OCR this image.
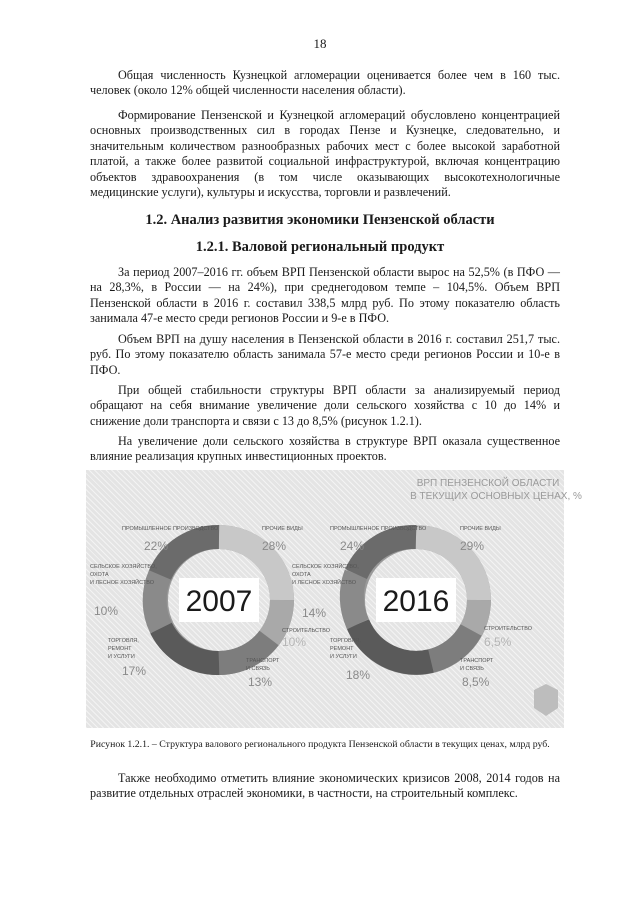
18

Общая численность Кузнецкой агломерации оценивается более чем в 160 тыс. человек (около 12% общей численности населения области).

Формирование Пензенской и Кузнецкой агломераций обусловлено концентрацией основных производственных сил в городах Пензе и Кузнецке, следовательно, и значительным количеством разнообразных рабочих мест с более высокой заработной платой, а также более развитой социальной инфраструктурой, включая концентрацию объектов здравоохранения (в том числе оказывающих высокотехнологичные медицинские услуги), культуры и искусства, торговли и развлечений.

1.2. Анализ развития экономики Пензенской области
1.2.1. Валовой региональный продукт

За период 2007–2016 гг. объем ВРП Пензенской области вырос на 52,5% (в ПФО — на 28,3%, в России — на 24%), при среднегодовом темпе – 104,5%. Объем ВРП Пензенской области в 2016 г. составил 338,5 млрд руб. По этому показателю область занимала 47-е место среди регионов России и 9-е в ПФО.

Объем ВРП на душу населения в Пензенской области в 2016 г. составил 251,7 тыс. руб. По этому показателю область занимала 57-е место среди регионов России и 10-е в ПФО.

При общей стабильности структуры ВРП области за анализируемый период обращают на себя внимание увеличение доли сельского хозяйства с 10 до 14% и снижение доли транспорта и связи с 13 до 8,5% (рисунок 1.2.1).

На увеличение доли сельского хозяйства в структуре ВРП оказала существенное влияние реализация крупных инвестиционных проектов.

ВРП ПЕНЗЕНСКОЙ ОБЛАСТИ
В ТЕКУЩИХ ОСНОВНЫХ ЦЕНАХ, %
2007
ПРОМЫШЛЕННОЕ ПРОИЗВОДСТВО
22%
ПРОЧИЕ ВИДЫ
28%
СЕЛЬСКОЕ ХОЗЯЙСТВО,
ОХОТА
И ЛЕСНОЕ ХОЗЯЙСТВО
10%
СТРОИТЕЛЬСТВО
10%
ТОРГОВЛЯ,
РЕМОНТ
И УСЛУГИ
17%
ТРАНСПОРТ
И СВЯЗЬ
13%
2016
ПРОМЫШЛЕННОЕ ПРОИЗВОДСТВО
24%
ПРОЧИЕ ВИДЫ
29%
СЕЛЬСКОЕ ХОЗЯЙСТВО,
ОХОТА
И ЛЕСНОЕ ХОЗЯЙСТВО
14%
СТРОИТЕЛЬСТВО
6,5%
ТОРГОВЛЯ,
РЕМОНТ
И УСЛУГИ
18%
ТРАНСПОРТ
И СВЯЗЬ
8,5%

Рисунок 1.2.1. – Структура валового регионального продукта Пензенской области в текущих ценах, млрд руб.

Также необходимо отметить влияние экономических кризисов 2008, 2014 годов на развитие отдельных отраслей экономики, в частности, на строительный комплекс.
